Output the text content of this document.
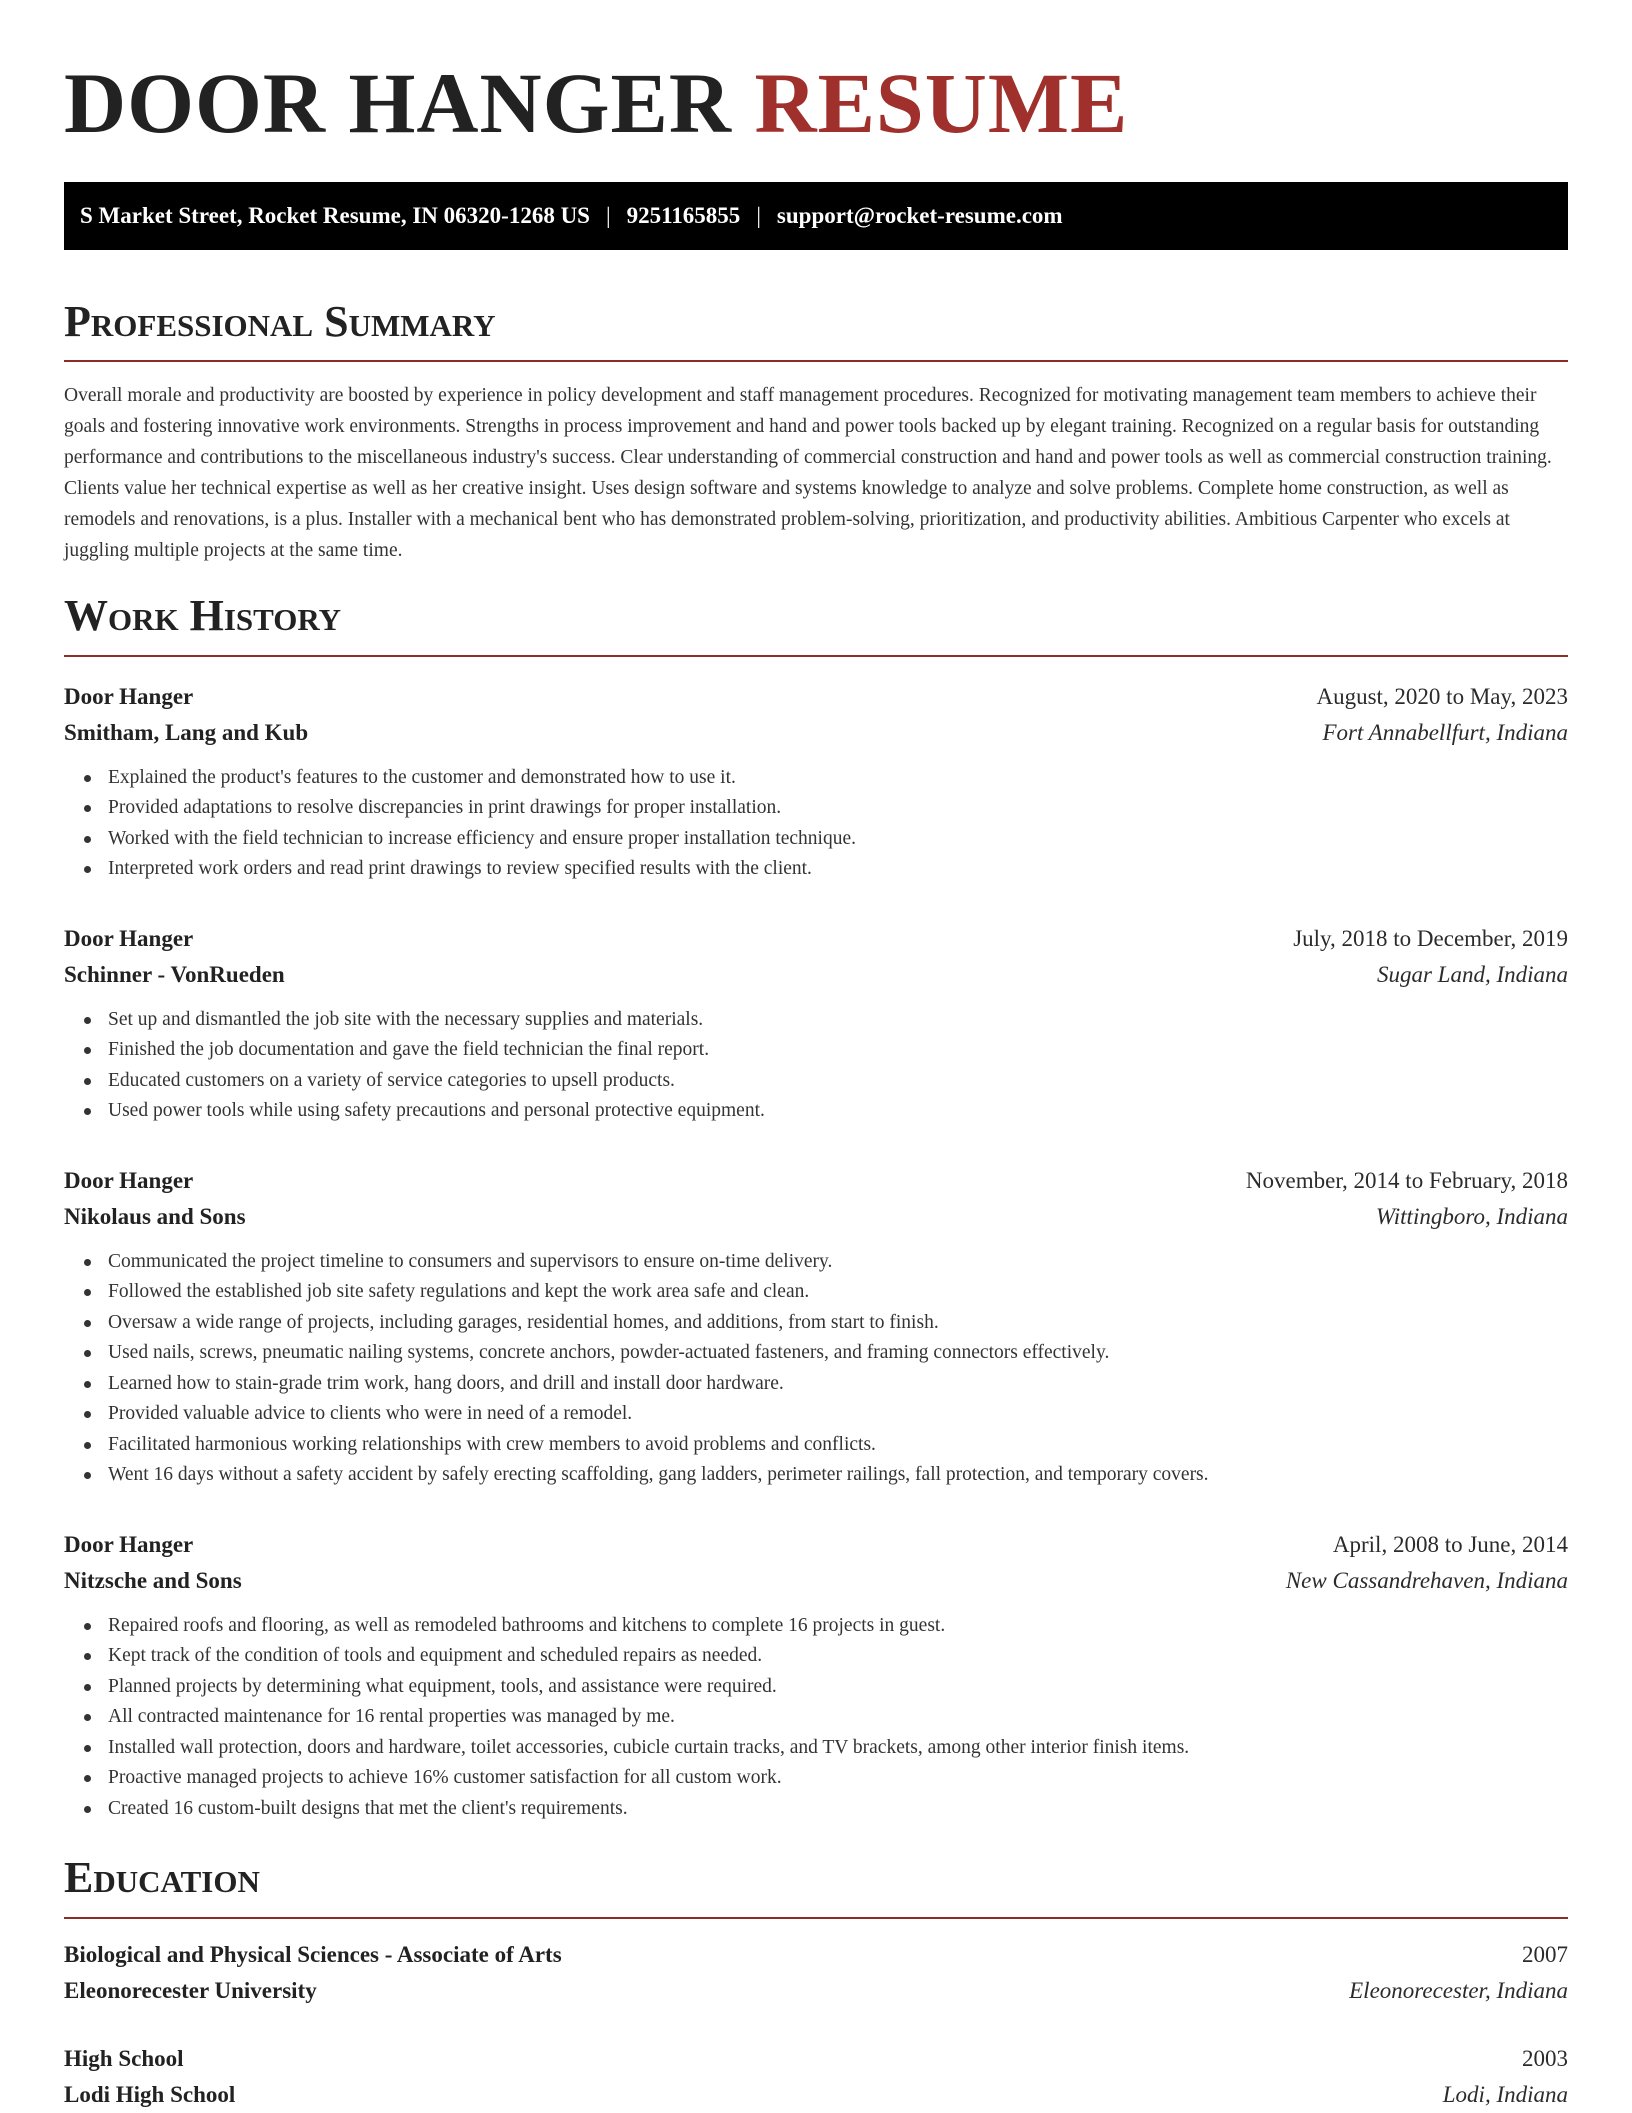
DOOR HANGER RESUME
S Market Street, Rocket Resume, IN 06320-1268 US | 9251165855 | support@rocket-resume.com
Professional Summary

Overall morale and productivity are boosted by experience in policy development and staff management procedures. Recognized for motivating management team members to achieve their goals and fostering innovative work environments. Strengths in process improvement and hand and power tools backed up by elegant training. Recognized on a regular basis for outstanding performance and contributions to the miscellaneous industry's success. Clear understanding of commercial construction and hand and power tools as well as commercial construction training. Clients value her technical expertise as well as her creative insight. Uses design software and systems knowledge to analyze and solve problems. Complete home construction, as well as remodels and renovations, is a plus. Installer with a mechanical bent who has demonstrated problem-solving, prioritization, and productivity abilities. Ambitious Carpenter who excels at juggling multiple projects at the same time.

Work History
Door Hanger	August, 2020 to May, 2023
Smitham, Lang and Kub	Fort Annabellfurt, Indiana
Explained the product's features to the customer and demonstrated how to use it.
Provided adaptations to resolve discrepancies in print drawings for proper installation.
Worked with the field technician to increase efficiency and ensure proper installation technique.
Interpreted work orders and read print drawings to review specified results with the client.
Door Hanger	July, 2018 to December, 2019
Schinner - VonRueden	Sugar Land, Indiana
Set up and dismantled the job site with the necessary supplies and materials.
Finished the job documentation and gave the field technician the final report.
Educated customers on a variety of service categories to upsell products.
Used power tools while using safety precautions and personal protective equipment.
Door Hanger	November, 2014 to February, 2018
Nikolaus and Sons	Wittingboro, Indiana
Communicated the project timeline to consumers and supervisors to ensure on-time delivery.
Followed the established job site safety regulations and kept the work area safe and clean.
Oversaw a wide range of projects, including garages, residential homes, and additions, from start to finish.
Used nails, screws, pneumatic nailing systems, concrete anchors, powder-actuated fasteners, and framing connectors effectively.
Learned how to stain-grade trim work, hang doors, and drill and install door hardware.
Provided valuable advice to clients who were in need of a remodel.
Facilitated harmonious working relationships with crew members to avoid problems and conflicts.
Went 16 days without a safety accident by safely erecting scaffolding, gang ladders, perimeter railings, fall protection, and temporary covers.
Door Hanger	April, 2008 to June, 2014
Nitzsche and Sons	New Cassandrehaven, Indiana
Repaired roofs and flooring, as well as remodeled bathrooms and kitchens to complete 16 projects in guest.
Kept track of the condition of tools and equipment and scheduled repairs as needed.
Planned projects by determining what equipment, tools, and assistance were required.
All contracted maintenance for 16 rental properties was managed by me.
Installed wall protection, doors and hardware, toilet accessories, cubicle curtain tracks, and TV brackets, among other interior finish items.
Proactive managed projects to achieve 16% customer satisfaction for all custom work.
Created 16 custom-built designs that met the client's requirements.
Education
Biological and Physical Sciences - Associate of Arts	2007
Eleonorecester University	Eleonorecester, Indiana
High School	2003
Lodi High School	Lodi, Indiana
